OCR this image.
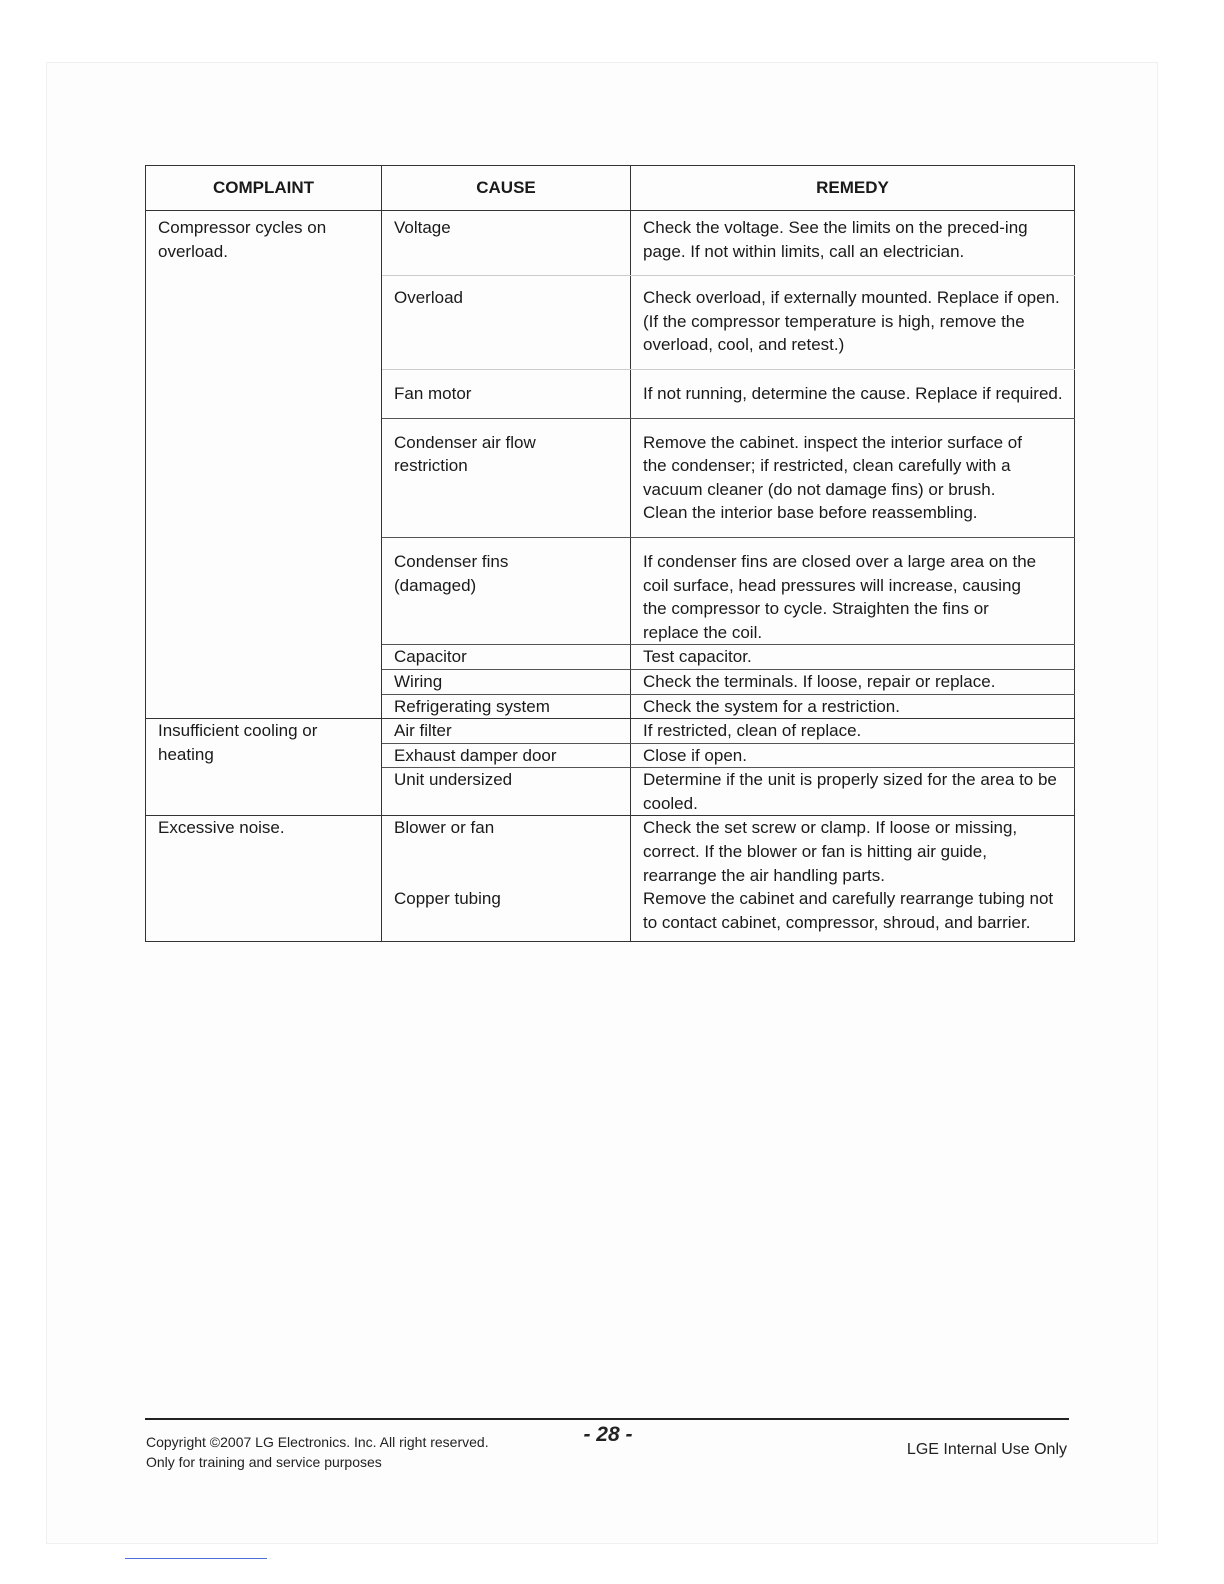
COMPLAINT	CAUSE	REMEDY

Compressor cycles on overload.	Voltage	Check the voltage. See the limits on the preced-ing page. If not within limits, call an electrician.
	Overload	Check overload, if externally mounted. Replace if open. (If the compressor temperature is high, remove the overload, cool, and retest.)
	Fan motor	If not running, determine the cause. Replace if required.

	Condenser air flow restriction	Remove the cabinet. inspect the interior surface of the condenser; if restricted, clean carefully with a vacuum cleaner (do not damage fins) or brush. Clean the interior base before reassembling.

	Condenser fins (damaged)	If condenser fins are closed over a large area on the coil surface, head pressures will increase, causing the compressor to cycle. Straighten the fins or replace the coil.

	Capacitor	Test capacitor.
	Wiring	Check the terminals. If loose, repair or replace.
	Refrigerating system	Check the system for a restriction.

Insufficient cooling or heating	Air filter	If restricted, clean of replace.
	Exhaust damper door	Close if open.
	Unit undersized	Determine if the unit is properly sized for the area to be cooled.

Excessive noise.	Blower or fan	Check the set screw or clamp. If loose or missing, correct. If the blower or fan is hitting air guide, rearrange the air handling parts.

	Copper tubing	Remove the cabinet and carefully rearrange tubing not to contact cabinet, compressor, shroud, and barrier.
Copyright ©2007 LG Electronics. Inc. All right reserved.
Only for training and service purposes
- 28 -
LGE Internal Use Only
